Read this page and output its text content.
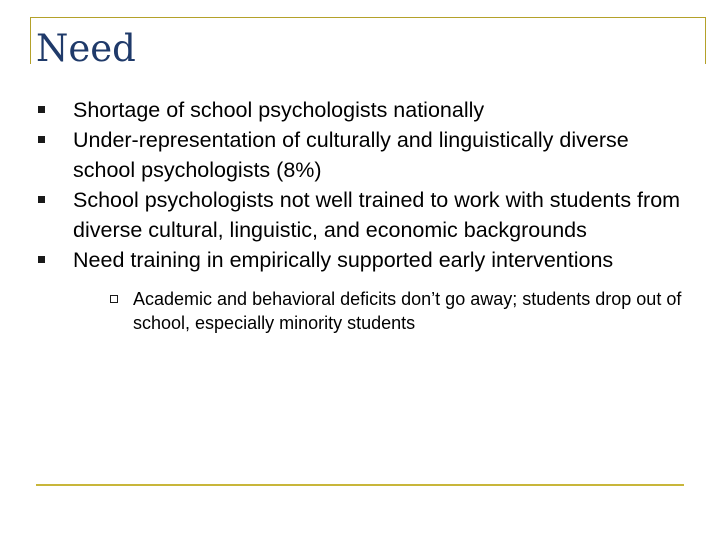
Need
Shortage of school psychologists nationally
Under-representation of culturally and linguistically diverse school psychologists (8%)
School psychologists not well trained to work with students from diverse cultural, linguistic, and economic backgrounds
Need training in empirically supported early interventions
Academic and behavioral deficits don’t go away; students drop out of school, especially minority students
